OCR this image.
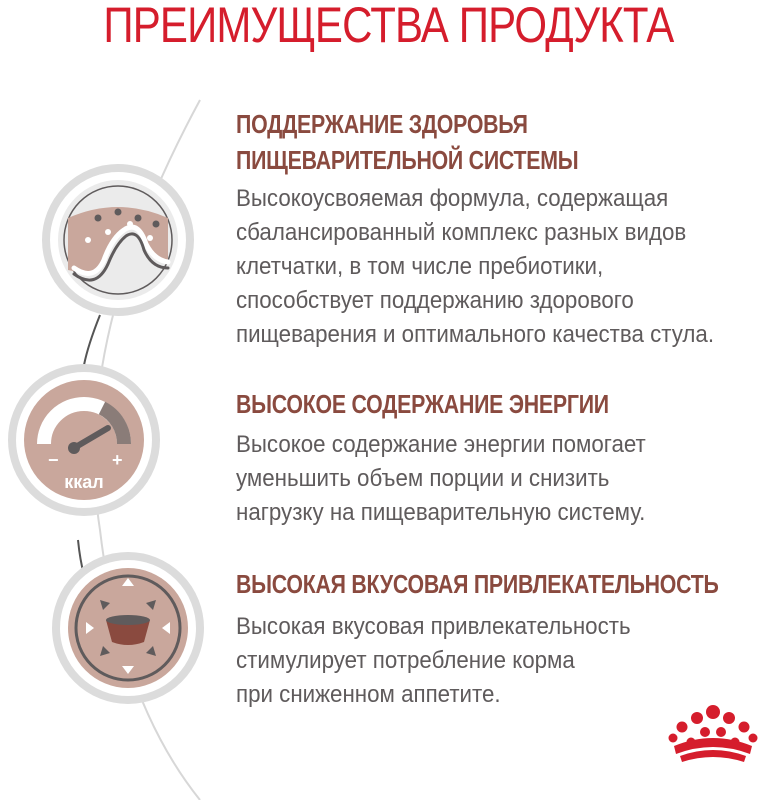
ПРЕИМУЩЕСТВА ПРОДУКТА
−	+
ккал
ПОДДЕРЖАНИЕ ЗДОРОВЬЯ
ПИЩЕВАРИТЕЛЬНОЙ СИСТЕМЫ
Высокоусвояемая формула, содержащая
сбалансированный комплекс разных видов
клетчатки, в том числе пребиотики,
способствует поддержанию здорового
пищеварения и оптимального качества стула.
ВЫСОКОЕ СОДЕРЖАНИЕ ЭНЕРГИИ
Высокое содержание энергии помогает
уменьшить объем порции и снизить
нагрузку на пищеварительную систему.
ВЫСОКАЯ ВКУСОВАЯ ПРИВЛЕКАТЕЛЬНОСТЬ
Высокая вкусовая привлекательность
стимулирует потребление корма
при сниженном аппетите.
